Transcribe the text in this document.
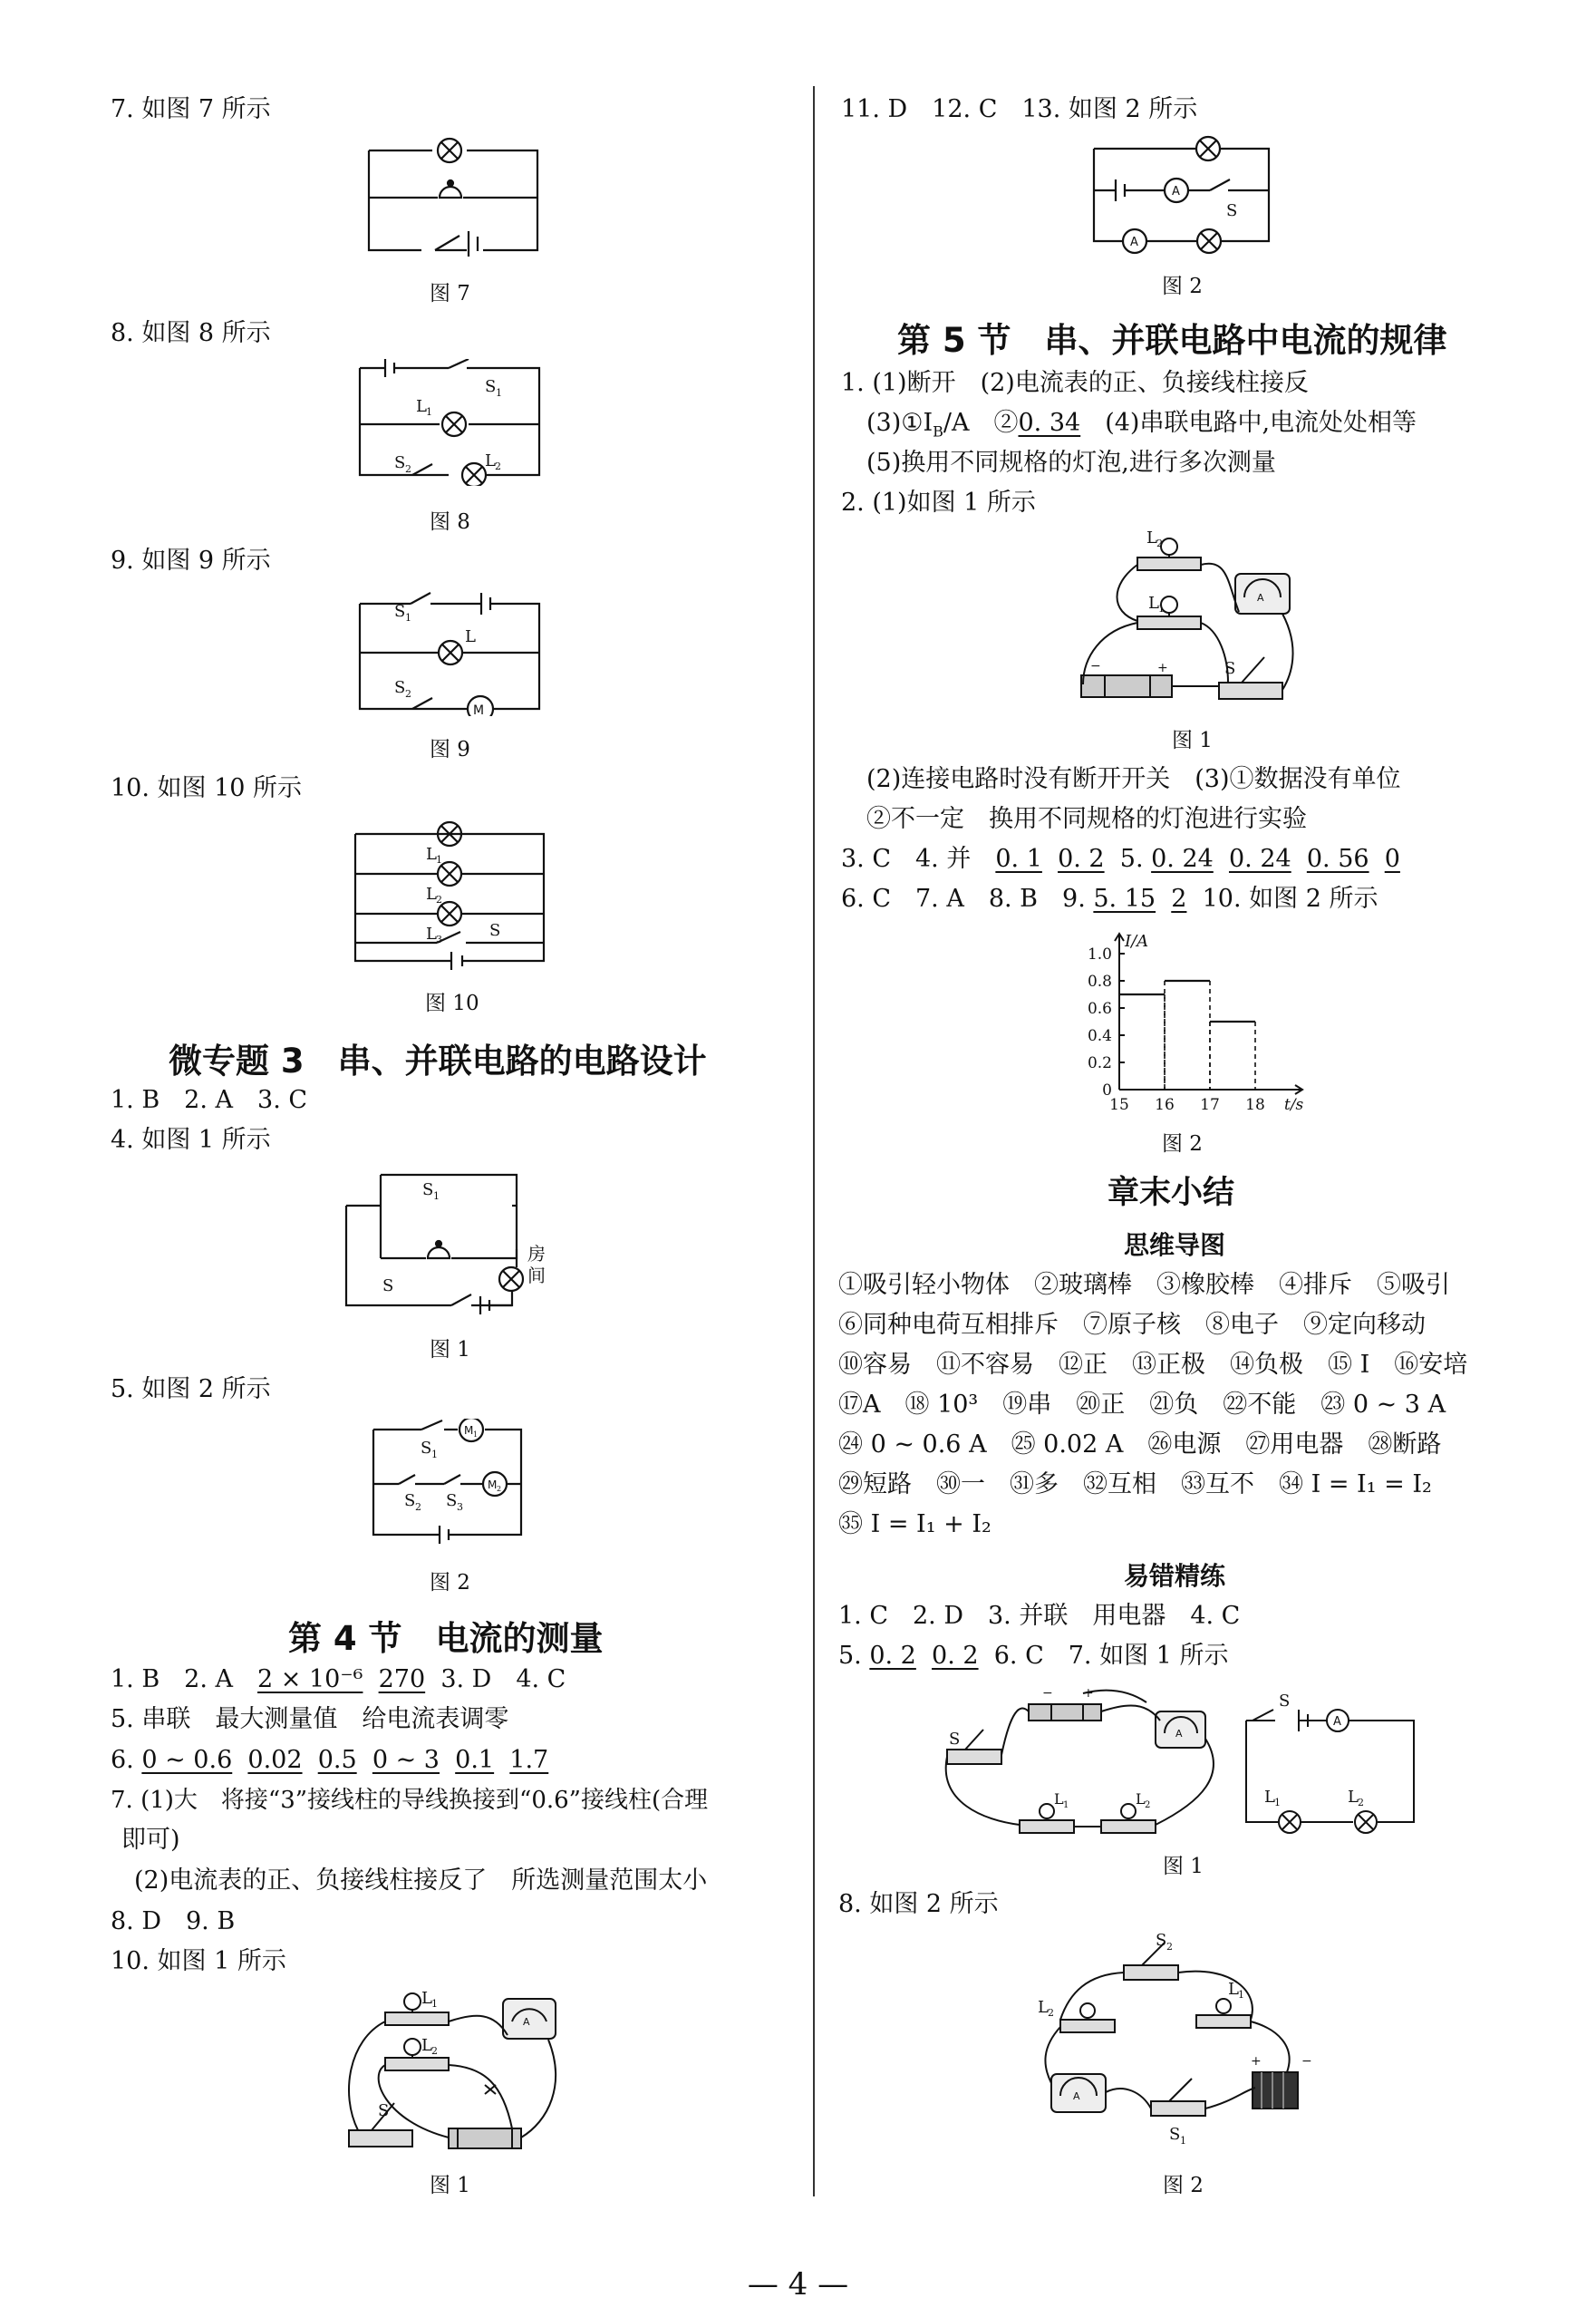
7. 如图 7 所示
图 7
8. 如图 8 所示
S 1
L 1
S 2	L 2
图 8
9. 如图 9 所示
M
S 1
L
S 2
图 9
10. 如图 10 所示
L 1
L 2
L 3	S
图 10
微专题 3　串、并联电路的电路设计
1. B　2. A　3. C
4. 如图 1 所示
S 1
S
房
间
图 1
5. 如图 2 所示
M 1
M 2
S 1
S 2 S 3
图 2
第 4 节　电流的测量
1. B　2. A　2 × 10⁻⁶ 270 3. D　4. C
5. 串联　最大测量值　给电流表调零
6. 0 ~ 0.6 0.02 0.5 0 ~ 3 0.1 1.7
7. (1)大　将接“3”接线柱的导线换接到“0.6”接线柱(合理
即可)
(2)电流表的正、负接线柱接反了　所选测量范围太小
8. D　9. B
10. 如图 1 所示
L 1
L 2
S
A
图 1
11. D　12. C　13. 如图 2 所示
A
A
S
图 2
第 5 节　串、并联电路中电流的规律
1. (1)断开　(2)电流表的正、负接线柱接反
$(3)①I_B/A$　②0. 34　(4)串联电路中,电流处处相等
(5)换用不同规格的灯泡,进行多次测量
2. (1)如图 1 所示
L 2
L 1
S
−	+
A
图 1
(2)连接电路时没有断开开关　(3)①数据没有单位
②不一定　换用不同规格的灯泡进行实验
3. C　4. 并　0. 1 0. 2 5. 0. 24 0. 24 0. 56 0
6. C　7. A　8. B　9. 5. 15 2 10. 如图 2 所示
I/A
t/s
0
0.2
0.4
0.6
0.8
1.0
15 16 17 18
图 2
章末小结
思维导图
①吸引轻小物体　②玻璃棒　③橡胶棒　④排斥　⑤吸引
⑥同种电荷互相排斥　⑦原子核　⑧电子　⑨定向移动
⑩容易　⑪不容易　⑫正　⑬正极　⑭负极　⑮ I　⑯安培
⑰A　⑱ 10³　⑲串　⑳正　㉑负　㉒不能　㉓ 0 ~ 3 A
㉔ 0 ~ 0.6 A　㉕ 0.02 A　㉖电源　㉗用电器　㉘断路
㉙短路　㉚一　㉛多　㉜互相　㉝互不　㉞ I = I₁ = I₂
㉟ I = I₁ + I₂
易错精练
1. C　2. D　3. 并联　用电器　4. C
5. 0. 2 0. 2 6. C　7. 如图 1 所示
S
− +
L 1	L 2
A
A
S
L 1	L 2
图 1
8. 如图 2 所示
S 2
L 2
L 1
S 1
+	−
A
图 2
— 4 —
